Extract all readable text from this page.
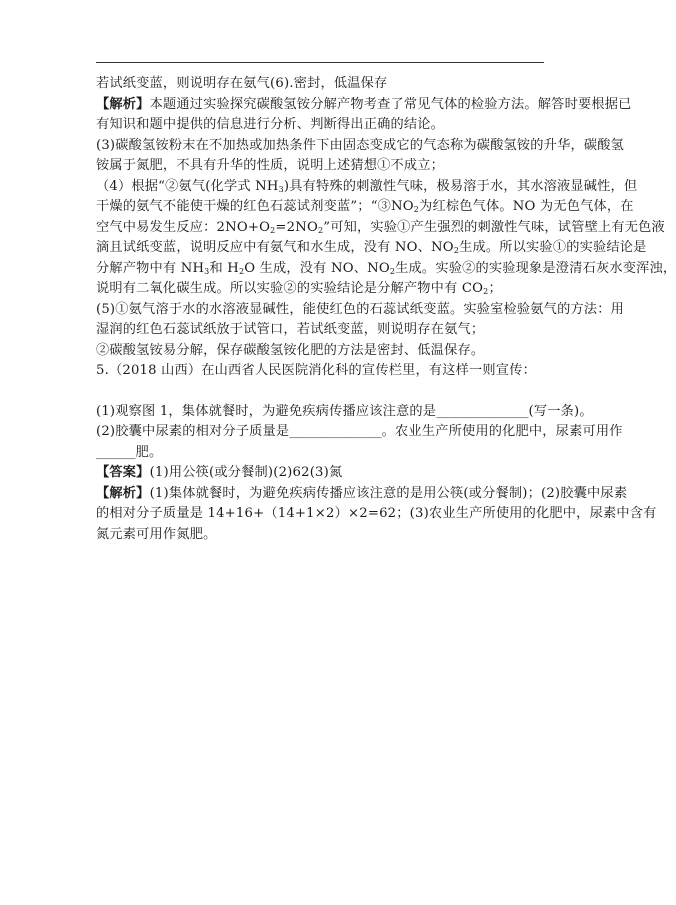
若试纸变蓝，则说明存在氨气(6).密封，低温保存
【解析】本题通过实验探究碳酸氢铵分解产物考查了常见气体的检验方法。解答时要根据已
有知识和题中提供的信息进行分析、判断得出正确的结论。
(3)碳酸氢铵粉末在不加热或加热条件下由固态变成它的气态称为碳酸氢铵的升华，碳酸氢
铵属于氮肥，不具有升华的性质，说明上述猜想①不成立；
（4）根据“②氨气(化学式 $NH_3$)具有特殊的刺激性气味，极易溶于水，其水溶液显碱性，但
干燥的氨气不能使干燥的红色石蕊试剂变蓝”；“$③NO_2$为红棕色气体。NO 为无色气体，在
空气中易发生反应：$2NO+O_2=2NO_2$”可知，实验①产生强烈的刺激性气味，试管壁上有无色液
滴且试纸变蓝，说明反应中有氨气和水生成，没有 NO、$NO_2$生成。所以实验①的实验结论是
分解产物中有 $NH_3$和 $H_2O$ 生成，没有 NO、$NO_2$生成。实验②的实验现象是澄清石灰水变浑浊，
说明有二氧化碳生成。所以实验②的实验结论是分解产物中有 $CO_2$；
(5)①氨气溶于水的水溶液显碱性，能使红色的石蕊试纸变蓝。实验室检验氨气的方法：用
湿润的红色石蕊试纸放于试管口，若试纸变蓝，则说明存在氨气；
②碳酸氢铵易分解，保存碳酸氢铵化肥的方法是密封、低温保存。
5.（2018 山西）在山西省人民医院消化科的宣传栏里，有这样一则宣传：
(1)观察图 1，集体就餐时，为避免疾病传播应该注意的是______________(写一条)。
(2)胶囊中尿素的相对分子质量是______________。农业生产所使用的化肥中，尿素可用作
______肥。
【答案】(1)用公筷(或分餐制)(2)62(3)氮
【解析】(1)集体就餐时，为避免疾病传播应该注意的是用公筷(或分餐制)；(2)胶囊中尿素
的相对分子质量是 14+16+（14+1×2）×2=62；(3)农业生产所使用的化肥中，尿素中含有
氮元素可用作氮肥。
